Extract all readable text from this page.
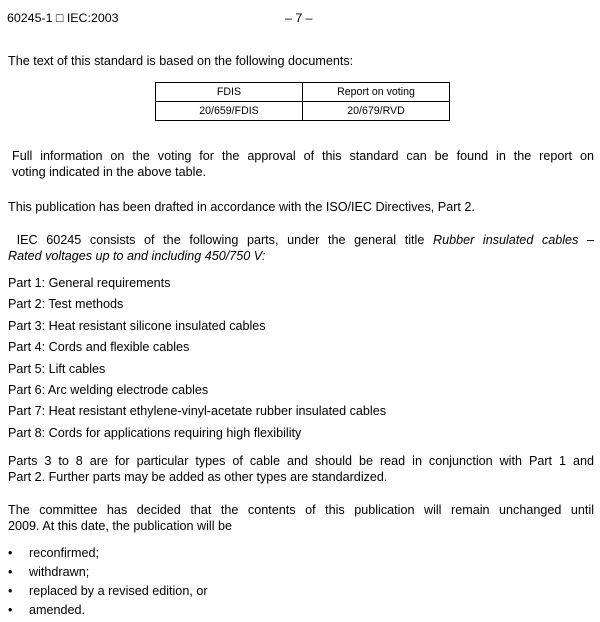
60245-1 □ IEC:2003	– 7 –
The text of this standard is based on the following documents:
FDIS	Report on voting
20/659/FDIS	20/679/RVD
Full information on the voting for the approval of this standard can be found in the report on
voting indicated in the above table.
This publication has been drafted in accordance with the ISO/IEC Directives, Part 2.
IEC 60245 consists of the following parts, under the general title Rubber insulated cables –
Rated voltages up to and including 450/750 V:
Part 1: General requirements
Part 2: Test methods
Part 3: Heat resistant silicone insulated cables
Part 4: Cords and flexible cables
Part 5: Lift cables
Part 6: Arc welding electrode cables
Part 7: Heat resistant ethylene-vinyl-acetate rubber insulated cables
Part 8: Cords for applications requiring high flexibility
Parts 3 to 8 are for particular types of cable and should be read in conjunction with Part 1 and
Part 2. Further parts may be added as other types are standardized.
The committee has decided that the contents of this publication will remain unchanged until
2009. At this date, the publication will be
• reconfirmed;
• withdrawn;
• replaced by a revised edition, or
• amended.
